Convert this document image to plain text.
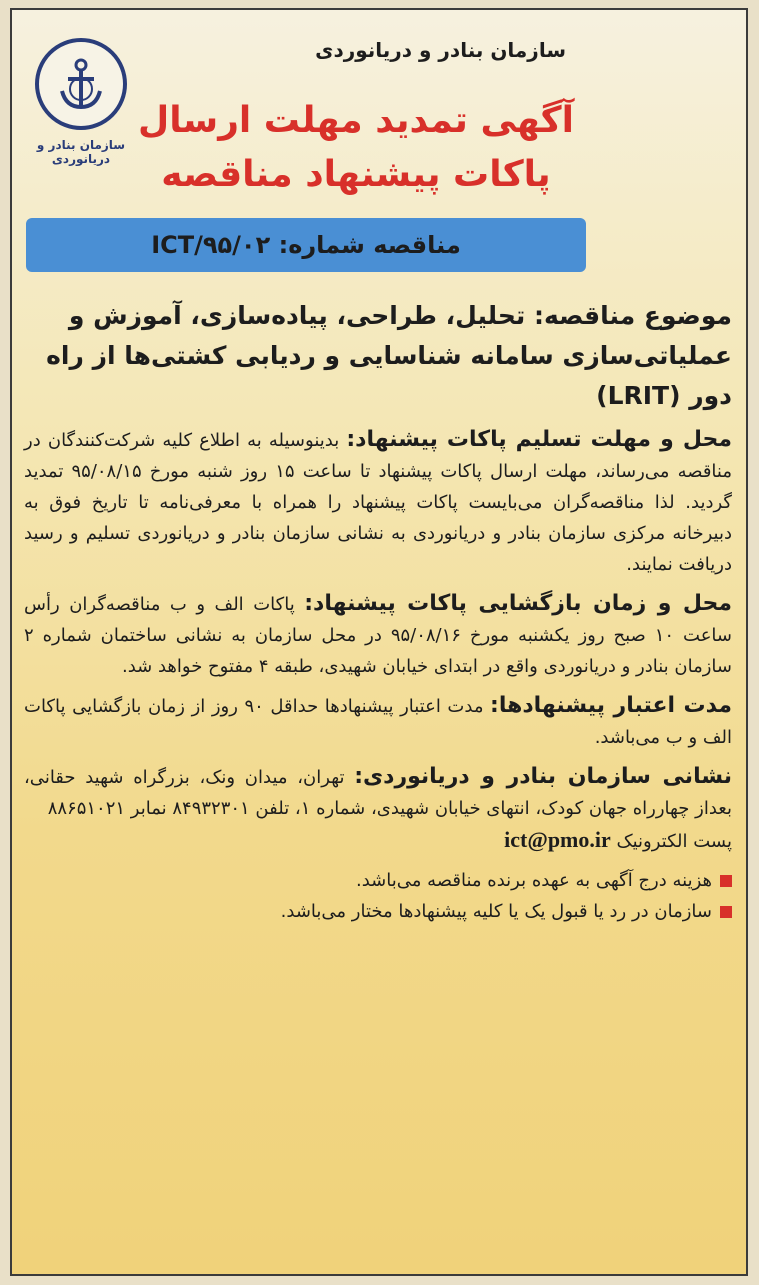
سازمان بنادر و دریانوردی
سازمان بنادر و دریانوردی
آگهی تمدید مهلت ارسال
پاکات پیشنهاد مناقصه
مناقصه شماره: ICT/۹۵/۰۲
موضوع مناقصه: تحلیل، طراحی، پیاده‌سازی، آموزش و عملیاتی‌سازی سامانه شناسایی و ردیابی کشتی‌ها از راه دور (LRIT)
محل و مهلت تسلیم پاکات پیشنهاد: بدینوسیله به اطلاع کلیه شرکت‌کنندگان در مناقصه می‌رساند، مهلت ارسال پاکات پیشنهاد تا ساعت ۱۵ روز شنبه مورخ ۹۵/۰۸/۱۵ تمدید گردید. لذا مناقصه‌گران می‌بایست پاکات پیشنهاد را همراه با معرفی‌نامه تا تاریخ فوق به دبیرخانه مرکزی سازمان بنادر و دریانوردی به نشانی سازمان بنادر و دریانوردی تسلیم و رسید دریافت نمایند.
محل و زمان بازگشایی پاکات پیشنهاد: پاکات الف و ب مناقصه‌گران رأس ساعت ۱۰ صبح روز یکشنبه مورخ ۹۵/۰۸/۱۶ در محل سازمان به نشانی ساختمان شماره ۲ سازمان بنادر و دریانوردی واقع در ابتدای خیابان شهیدی، طبقه ۴ مفتوح خواهد شد.
مدت اعتبار پیشنهادها: مدت اعتبار پیشنهادها حداقل ۹۰ روز از زمان بازگشایی پاکات الف و ب می‌باشد.
نشانی سازمان بنادر و دریانوردی: تهران، میدان ونک، بزرگراه شهید حقانی، بعداز چهارراه جهان کودک، انتهای خیابان شهیدی، شماره ۱، تلفن ۸۴۹۳۲۳۰۱ نمابر ۸۸۶۵۱۰۲۱
پست الکترونیک ict@pmo.ir
هزینه درج آگهی به عهده برنده مناقصه می‌باشد.
سازمان در رد یا قبول یک یا کلیه پیشنهادها مختار می‌باشد.
